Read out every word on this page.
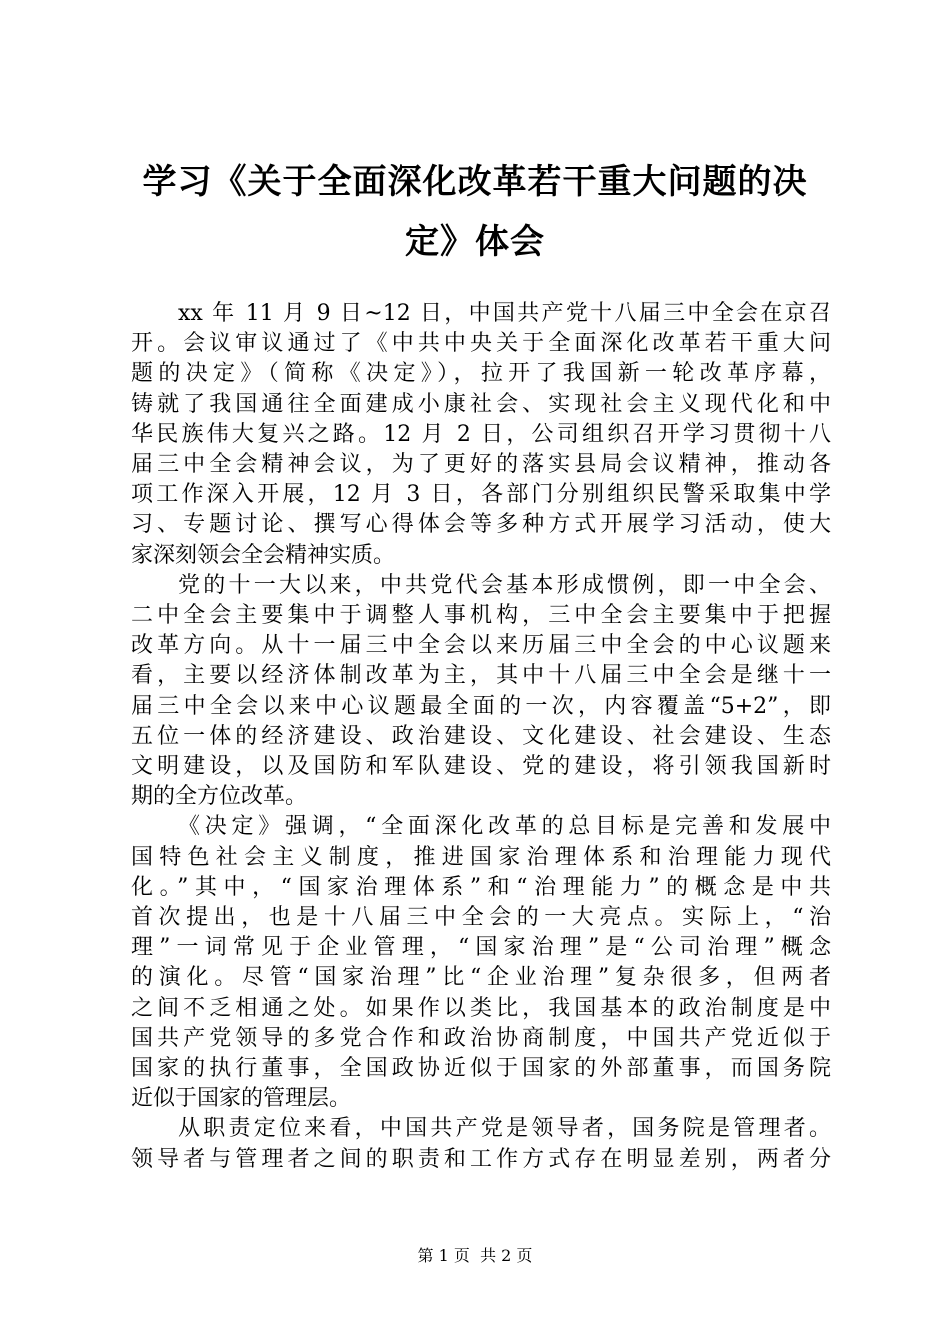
学习《关于全面深化改革若干重大问题的决
定》体会
xx 年 11 月 9 日~12 日，中国共产党十八届三中全会在京召
开。会议审议通过了《中共中央关于全面深化改革若干重大问
题的决定》（简称《决定》），拉开了我国新一轮改革序幕，
铸就了我国通往全面建成小康社会、实现社会主义现代化和中
华民族伟大复兴之路。12 月 2 日，公司组织召开学习贯彻十八
届三中全会精神会议，为了更好的落实县局会议精神，推动各
项工作深入开展，12 月 3 日，各部门分别组织民警采取集中学
习、专题讨论、撰写心得体会等多种方式开展学习活动，使大
家深刻领会全会精神实质。
党的十一大以来，中共党代会基本形成惯例，即一中全会、
二中全会主要集中于调整人事机构，三中全会主要集中于把握
改革方向。从十一届三中全会以来历届三中全会的中心议题来
看，主要以经济体制改革为主，其中十八届三中全会是继十一
届三中全会以来中心议题最全面的一次，内容覆盖“5+2”，即
五位一体的经济建设、政治建设、文化建设、社会建设、生态
文明建设，以及国防和军队建设、党的建设，将引领我国新时
期的全方位改革。
《决定》强调，“全面深化改革的总目标是完善和发展中
国特色社会主义制度，推进国家治理体系和治理能力现代
化。”其中，“国家治理体系”和“治理能力”的概念是中共
首次提出，也是十八届三中全会的一大亮点。实际上，“治
理”一词常见于企业管理，“国家治理”是“公司治理”概念
的演化。尽管“国家治理”比“企业治理”复杂很多，但两者
之间不乏相通之处。如果作以类比，我国基本的政治制度是中
国共产党领导的多党合作和政治协商制度，中国共产党近似于
国家的执行董事，全国政协近似于国家的外部董事，而国务院
近似于国家的管理层。
从职责定位来看，中国共产党是领导者，国务院是管理者。
领导者与管理者之间的职责和工作方式存在明显差别，两者分
第 1 页  共 2 页
